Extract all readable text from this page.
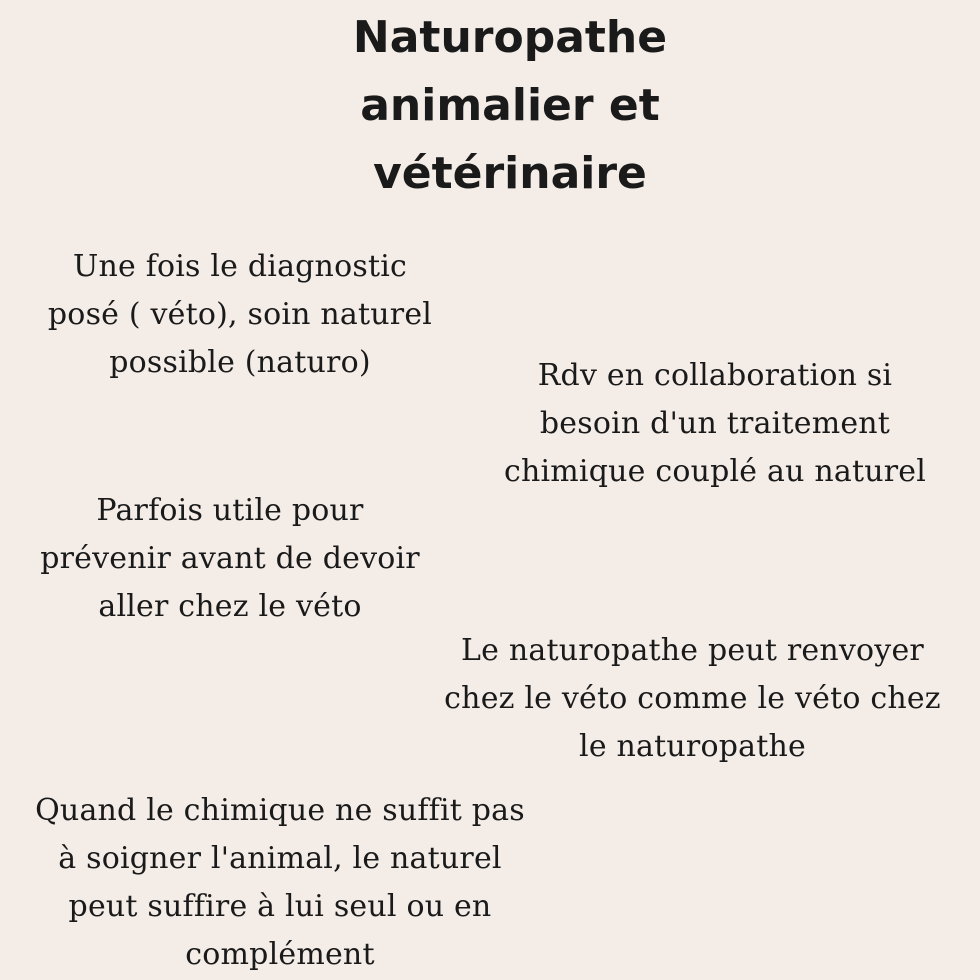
Naturopathe
animalier et
vétérinaire

Une fois le diagnostic
posé ( véto), soin naturel
possible (naturo)	Rdv en collaboration si
besoin d'un traitement
chimique couplé au naturel

Parfois utile pour
prévenir avant de devoir
aller chez le véto

Le naturopathe peut renvoyer
chez le véto comme le véto chez
le naturopathe

Quand le chimique ne suffit pas
à soigner l'animal, le naturel
peut suffire à lui seul ou en
complément
